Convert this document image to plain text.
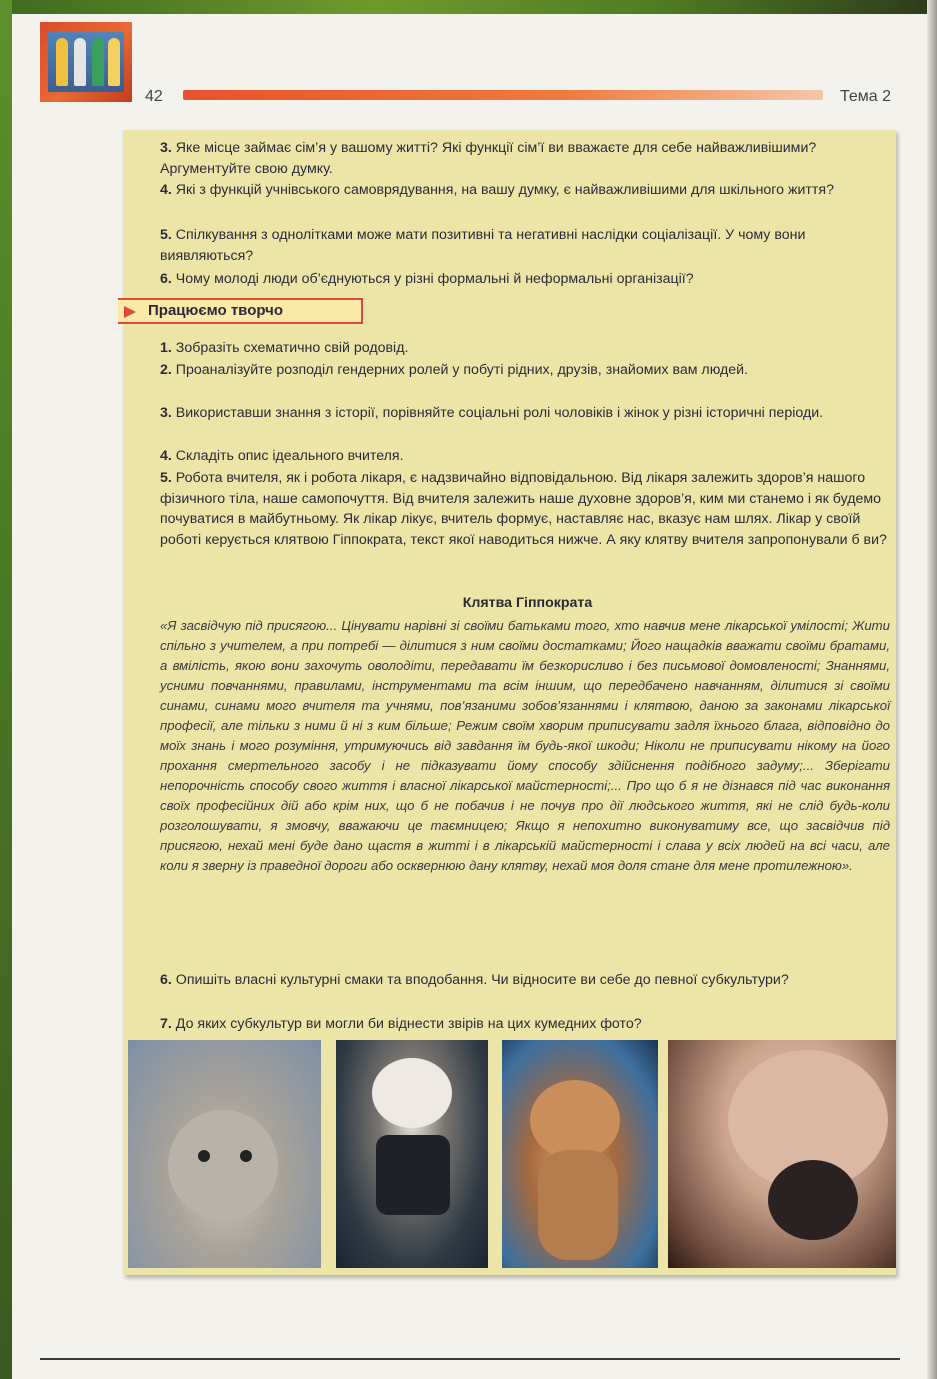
42	Тема 2
3. Яке місце займає сім’я у вашому житті? Які функції сім’ї ви вважаєте для себе найважливішими? Аргументуйте свою думку.
4. Які з функцій учнівського самоврядування, на вашу думку, є найважливішими для шкільного життя?
5. Спілкування з однолітками може мати позитивні та негативні наслідки соціалізації. У чому вони виявляються?
6. Чому молоді люди об’єднуються у різні формальні й неформальні організації?
Працюємо творчо
1. Зобразіть схематично свій родовід.
2. Проаналізуйте розподіл гендерних ролей у побуті рідних, друзів, знайомих вам людей.
3. Використавши знання з історії, порівняйте соціальні ролі чоловіків і жінок у різні історичні періоди.
4. Складіть опис ідеального вчителя.
5. Робота вчителя, як і робота лікаря, є надзвичайно відповідальною. Від лікаря залежить здоров’я нашого фізичного тіла, наше самопочуття. Від вчителя залежить наше духовне здоров’я, ким ми станемо і як будемо почуватися в майбутньому. Як лікар лікує, вчитель формує, наставляє нас, вказує нам шлях. Лікар у своїй роботі керується клятвою Гіппократа, текст якої наводиться нижче. А яку клятву вчителя запропонували б ви?
Клятва Гіппократа
«Я засвідчую під присягою... Цінувати нарівні зі своїми батьками того, хто навчив мене лікарської умілості; Жити спільно з учителем, а при потребі — ділитися з ним своїми достатками; Його нащадків вважати своїми братами, а вмілість, якою вони захочуть оволодіти, передавати їм безкорисливо і без письмової домовленості; Знаннями, усними повчаннями, правилами, інструментами та всім іншим, що передбачено навчанням, ділитися зі своїми синами, синами мого вчителя та учнями, пов’язаними зобов’язаннями і клятвою, даною за законами лікарської професії, але тільки з ними й ні з ким більше; Режим своїм хворим приписувати задля їхнього блага, відповідно до моїх знань і мого розуміння, утримуючись від завдання їм будь-якої шкоди; Ніколи не приписувати нікому на його прохання смертельного засобу і не підказувати йому способу здійснення подібного задуму;... Зберігати непорочність способу свого життя і власної лікарської майстерності;... Про що б я не дізнався під час виконання своїх професійних дій або крім них, що б не побачив і не почув про дії людського життя, які не слід будь-коли розголошувати, я змовчу, вважаючи це таємницею; Якщо я непохитно виконуватиму все, що засвідчив під присягою, нехай мені буде дано щастя в житті і в лікарській майстерності і слава у всіх людей на всі часи, але коли я зверну із праведної дороги або осквернюю дану клятву, нехай моя доля стане для мене протилежною».
6. Опишіть власні культурні смаки та вподобання. Чи відносите ви себе до певної субкультури?
7. До яких субкультур ви могли би віднести звірів на цих кумедних фото?
